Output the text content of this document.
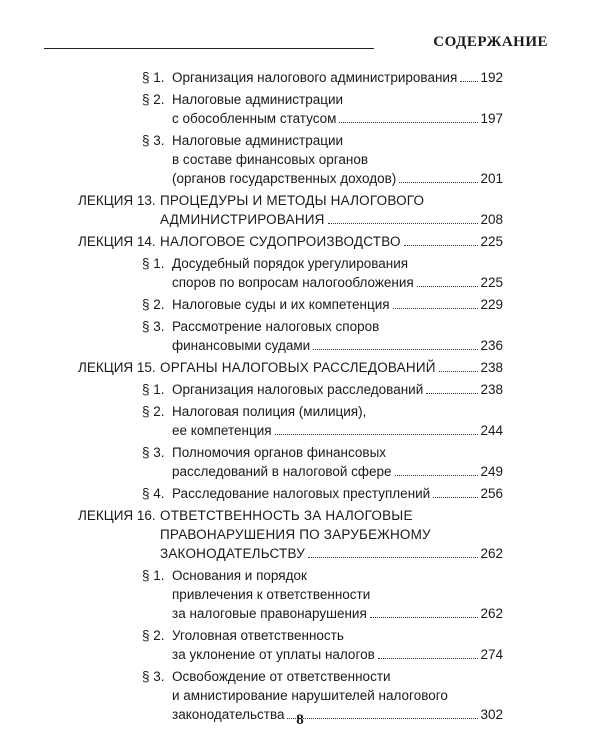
СОДЕРЖАНИЕ
§ 1. Организация налогового администрирования 192
§ 2. Налоговые администрации
с обособленным статусом	197
§ 3. Налоговые администрации
в составе финансовых органов
(органов государственных доходов)	201
ЛЕКЦИЯ 13. ПРОЦЕДУРЫ И МЕТОДЫ НАЛОГОВОГО
АДМИНИСТРИРОВАНИЯ	208
ЛЕКЦИЯ 14. НАЛОГОВОЕ СУДОПРОИЗВОДСТВО	225
§ 1. Досудебный порядок урегулирования
споров по вопросам налогообложения	225
§ 2. Налоговые суды и их компетенция	229
§ 3. Рассмотрение налоговых споров
финансовыми судами	236
ЛЕКЦИЯ 15. ОРГАНЫ НАЛОГОВЫХ РАССЛЕДОВАНИЙ	238
§ 1. Организация налоговых расследований	238
§ 2. Налоговая полиция (милиция),
ее компетенция	244
§ 3. Полномочия органов финансовых
расследований в налоговой сфере	249
§ 4. Расследование налоговых преступлений	256
ЛЕКЦИЯ 16. ОТВЕТСТВЕННОСТЬ ЗА НАЛОГОВЫЕ
ПРАВОНАРУШЕНИЯ ПО ЗАРУБЕЖНОМУ
ЗАКОНОДАТЕЛЬСТВУ	262
§ 1. Основания и порядок
привлечения к ответственности
за налоговые правонарушения	262
§ 2. Уголовная ответственность
за уклонение от уплаты налогов	274
§ 3. Освобождение от ответственности
и амнистирование нарушителей налогового
законодательства	302
8
